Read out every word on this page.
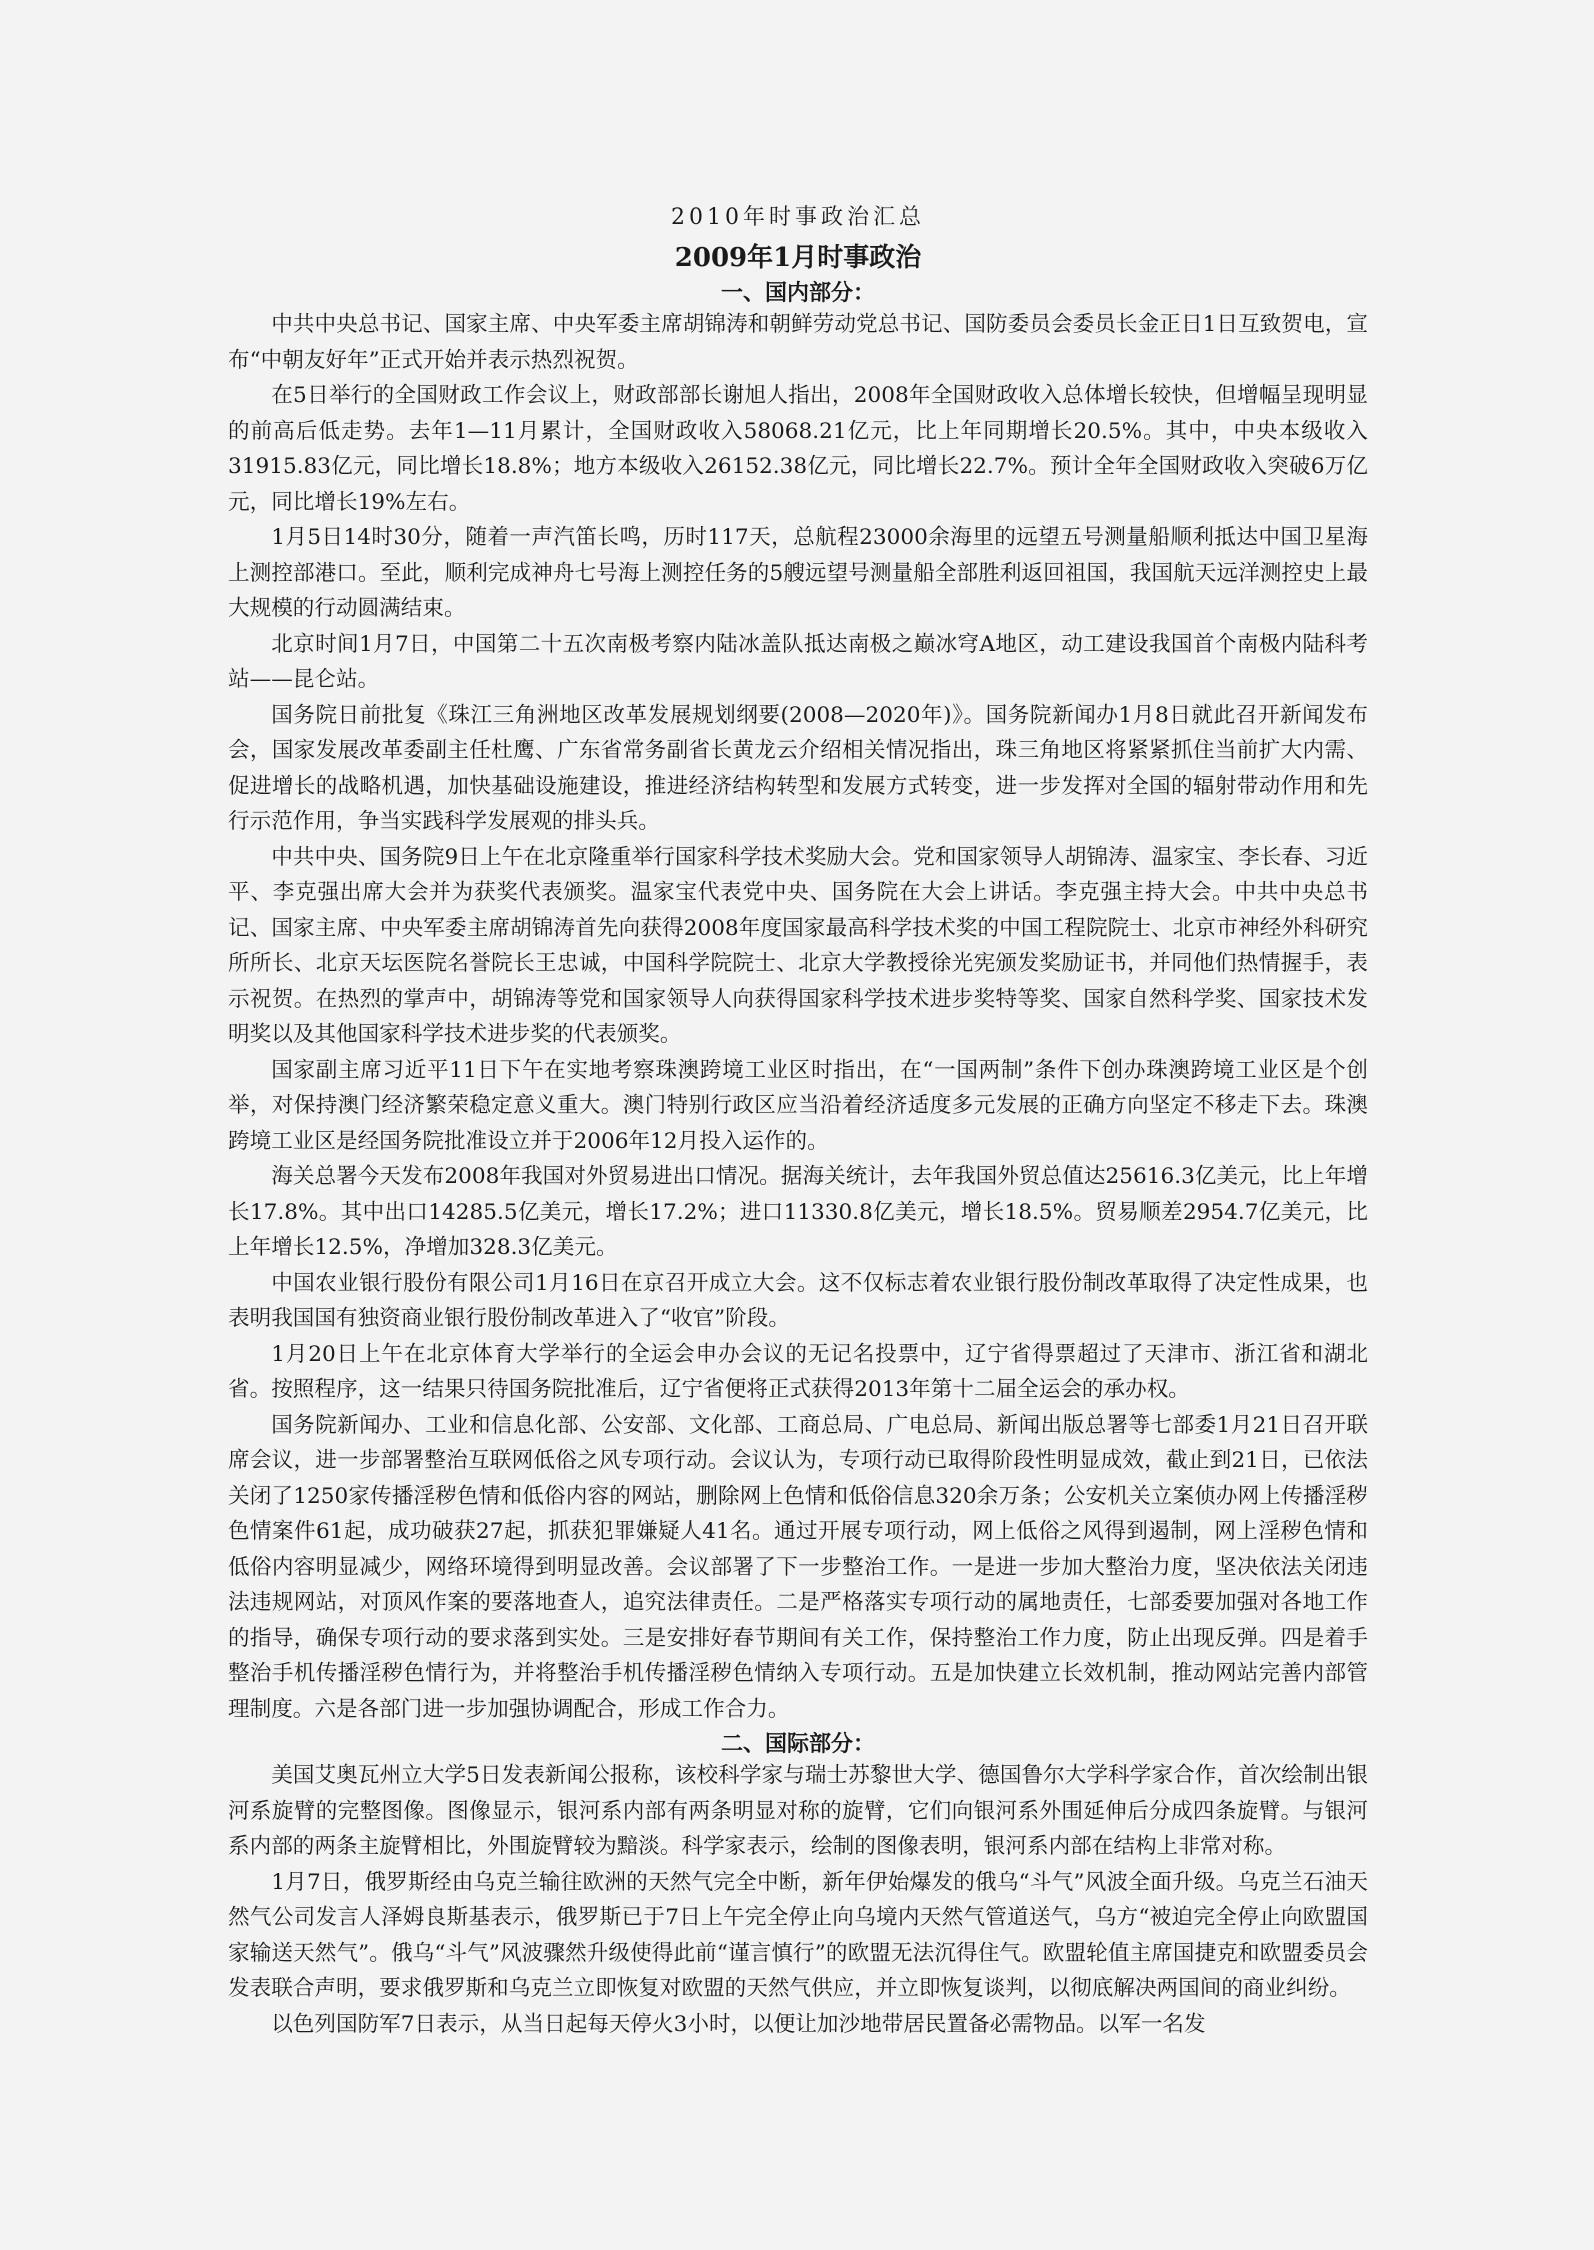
2010年时事政治汇总
2009年1月时事政治
一、国内部分：

中共中央总书记、国家主席、中央军委主席胡锦涛和朝鲜劳动党总书记、国防委员会委员长金正日1日互致贺电，宣布“中朝友好年”正式开始并表示热烈祝贺。

在5日举行的全国财政工作会议上，财政部部长谢旭人指出，2008年全国财政收入总体增长较快，但增幅呈现明显的前高后低走势。去年1—11月累计，全国财政收入58068.21亿元，比上年同期增长20.5%。其中，中央本级收入31915.83亿元，同比增长18.8%；地方本级收入26152.38亿元，同比增长22.7%。预计全年全国财政收入突破6万亿元，同比增长19%左右。

1月5日14时30分，随着一声汽笛长鸣，历时117天，总航程23000余海里的远望五号测量船顺利抵达中国卫星海上测控部港口。至此，顺利完成神舟七号海上测控任务的5艘远望号测量船全部胜利返回祖国，我国航天远洋测控史上最大规模的行动圆满结束。

北京时间1月7日，中国第二十五次南极考察内陆冰盖队抵达南极之巅冰穹A地区，动工建设我国首个南极内陆科考站——昆仑站。

国务院日前批复《珠江三角洲地区改革发展规划纲要(2008—2020年)》。国务院新闻办1月8日就此召开新闻发布会，国家发展改革委副主任杜鹰、广东省常务副省长黄龙云介绍相关情况指出，珠三角地区将紧紧抓住当前扩大内需、促进增长的战略机遇，加快基础设施建设，推进经济结构转型和发展方式转变，进一步发挥对全国的辐射带动作用和先行示范作用，争当实践科学发展观的排头兵。

中共中央、国务院9日上午在北京隆重举行国家科学技术奖励大会。党和国家领导人胡锦涛、温家宝、李长春、习近平、李克强出席大会并为获奖代表颁奖。温家宝代表党中央、国务院在大会上讲话。李克强主持大会。中共中央总书记、国家主席、中央军委主席胡锦涛首先向获得2008年度国家最高科学技术奖的中国工程院院士、北京市神经外科研究所所长、北京天坛医院名誉院长王忠诚，中国科学院院士、北京大学教授徐光宪颁发奖励证书，并同他们热情握手，表示祝贺。在热烈的掌声中，胡锦涛等党和国家领导人向获得国家科学技术进步奖特等奖、国家自然科学奖、国家技术发明奖以及其他国家科学技术进步奖的代表颁奖。

国家副主席习近平11日下午在实地考察珠澳跨境工业区时指出，在“一国两制”条件下创办珠澳跨境工业区是个创举，对保持澳门经济繁荣稳定意义重大。澳门特别行政区应当沿着经济适度多元发展的正确方向坚定不移走下去。珠澳跨境工业区是经国务院批准设立并于2006年12月投入运作的。

海关总署今天发布2008年我国对外贸易进出口情况。据海关统计，去年我国外贸总值达25616.3亿美元，比上年增长17.8%。其中出口14285.5亿美元，增长17.2%；进口11330.8亿美元，增长18.5%。贸易顺差2954.7亿美元，比上年增长12.5%，净增加328.3亿美元。

中国农业银行股份有限公司1月16日在京召开成立大会。这不仅标志着农业银行股份制改革取得了决定性成果，也表明我国国有独资商业银行股份制改革进入了“收官”阶段。

1月20日上午在北京体育大学举行的全运会申办会议的无记名投票中，辽宁省得票超过了天津市、浙江省和湖北省。按照程序，这一结果只待国务院批准后，辽宁省便将正式获得2013年第十二届全运会的承办权。

国务院新闻办、工业和信息化部、公安部、文化部、工商总局、广电总局、新闻出版总署等七部委1月21日召开联席会议，进一步部署整治互联网低俗之风专项行动。会议认为，专项行动已取得阶段性明显成效，截止到21日，已依法关闭了1250家传播淫秽色情和低俗内容的网站，删除网上色情和低俗信息320余万条；公安机关立案侦办网上传播淫秽色情案件61起，成功破获27起，抓获犯罪嫌疑人41名。通过开展专项行动，网上低俗之风得到遏制，网上淫秽色情和低俗内容明显减少，网络环境得到明显改善。会议部署了下一步整治工作。一是进一步加大整治力度，坚决依法关闭违法违规网站，对顶风作案的要落地查人，追究法律责任。二是严格落实专项行动的属地责任，七部委要加强对各地工作的指导，确保专项行动的要求落到实处。三是安排好春节期间有关工作，保持整治工作力度，防止出现反弹。四是着手整治手机传播淫秽色情行为，并将整治手机传播淫秽色情纳入专项行动。五是加快建立长效机制，推动网站完善内部管理制度。六是各部门进一步加强协调配合，形成工作合力。

二、国际部分：

美国艾奥瓦州立大学5日发表新闻公报称，该校科学家与瑞士苏黎世大学、德国鲁尔大学科学家合作，首次绘制出银河系旋臂的完整图像。图像显示，银河系内部有两条明显对称的旋臂，它们向银河系外围延伸后分成四条旋臂。与银河系内部的两条主旋臂相比，外围旋臂较为黯淡。科学家表示，绘制的图像表明，银河系内部在结构上非常对称。

1月7日，俄罗斯经由乌克兰输往欧洲的天然气完全中断，新年伊始爆发的俄乌“斗气”风波全面升级。乌克兰石油天然气公司发言人泽姆良斯基表示，俄罗斯已于7日上午完全停止向乌境内天然气管道送气，乌方“被迫完全停止向欧盟国家输送天然气”。俄乌“斗气”风波骤然升级使得此前“谨言慎行”的欧盟无法沉得住气。欧盟轮值主席国捷克和欧盟委员会发表联合声明，要求俄罗斯和乌克兰立即恢复对欧盟的天然气供应，并立即恢复谈判，以彻底解决两国间的商业纠纷。

以色列国防军7日表示，从当日起每天停火3小时，以便让加沙地带居民置备必需物品。以军一名发
